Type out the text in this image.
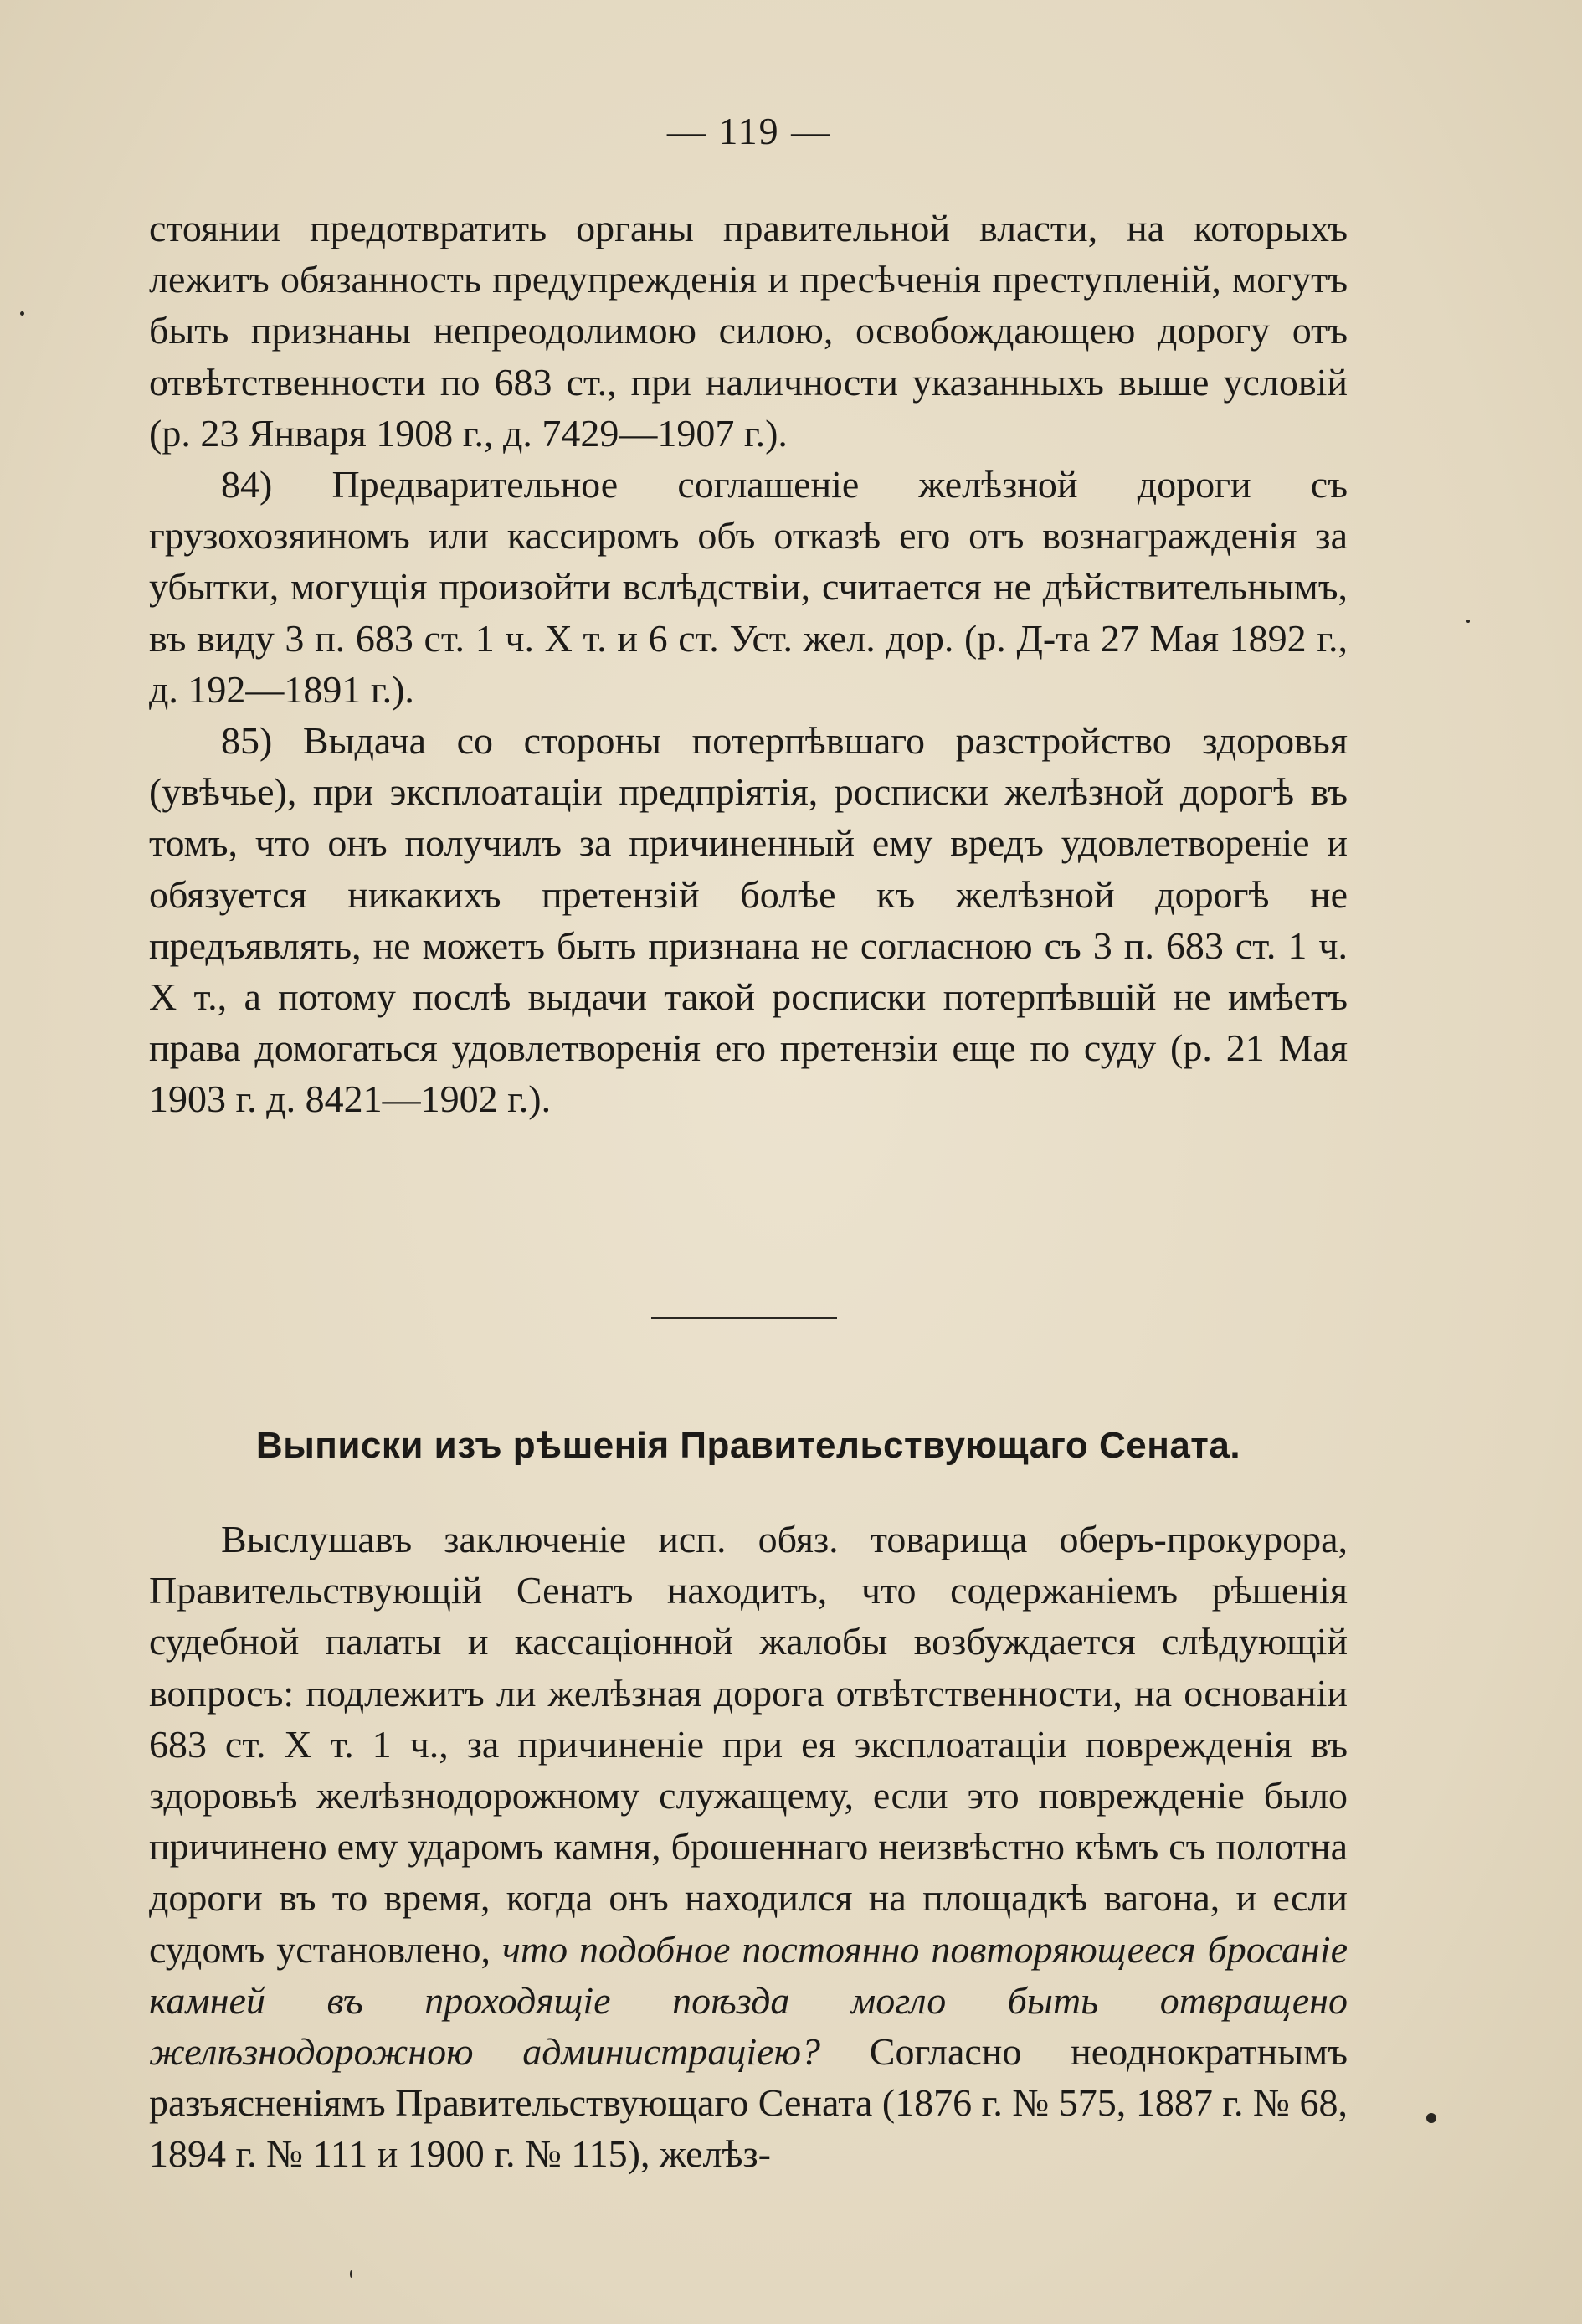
— 119 —

стоянии предотвратить органы правительной власти, на которыхъ лежитъ обязанность предупрежденія и пресѣченія преступленій, могутъ быть признаны непреодолимою силою, освобождающею дорогу отъ отвѣтственности по 683 ст., при наличности указанныхъ выше условій (р. 23 Января 1908 г., д. 7429—1907 г.).

84) Предварительное соглашеніе желѣзной дороги съ грузохозяиномъ или кассиромъ объ отказѣ его отъ вознагражденія за убытки, могущія произойти вслѣдствіи, считается не дѣйствительнымъ, въ виду 3 п. 683 ст. 1 ч. X т. и 6 ст. Уст. жел. дор. (р. Д-та 27 Мая 1892 г., д. 192—1891 г.).

85) Выдача со стороны потерпѣвшаго разстройство здоровья (увѣчье), при эксплоатаціи предпріятія, росписки желѣзной дорогѣ въ томъ, что онъ получилъ за причиненный ему вредъ удовлетвореніе и обязуется никакихъ претензій болѣе къ желѣзной дорогѣ не предъявлять, не можетъ быть признана не согласною съ 3 п. 683 ст. 1 ч. X т., а потому послѣ выдачи такой росписки потерпѣвшій не имѣетъ права домогаться удовлетворенія его претензіи еще по суду (р. 21 Мая 1903 г. д. 8421—1902 г.).

Выписки изъ рѣшенія Правительствующаго Сената.

Выслушавъ заключеніе исп. обяз. товарища оберъ-прокурора, Правительствующій Сенатъ находитъ, что содержаніемъ рѣшенія судебной палаты и кассаціонной жалобы возбуждается слѣдующій вопросъ: подлежитъ ли желѣзная дорога отвѣтственности, на основаніи 683 ст. X т. 1 ч., за причиненіе при ея эксплоатаціи поврежденія въ здоровьѣ желѣзнодорожному служащему, если это поврежденіе было причинено ему ударомъ камня, брошеннаго неизвѣстно кѣмъ съ полотна дороги въ то время, когда онъ находился на площадкѣ вагона, и если судомъ установлено, что подобное постоянно повторяющееся бросаніе камней въ проходящіе поѣзда могло быть отвращено желѣзнодорожною администраціею? Согласно неоднократнымъ разъясненіямъ Правительствующаго Сената (1876 г. № 575, 1887 г. № 68, 1894 г. № 111 и 1900 г. № 115), желѣз-
